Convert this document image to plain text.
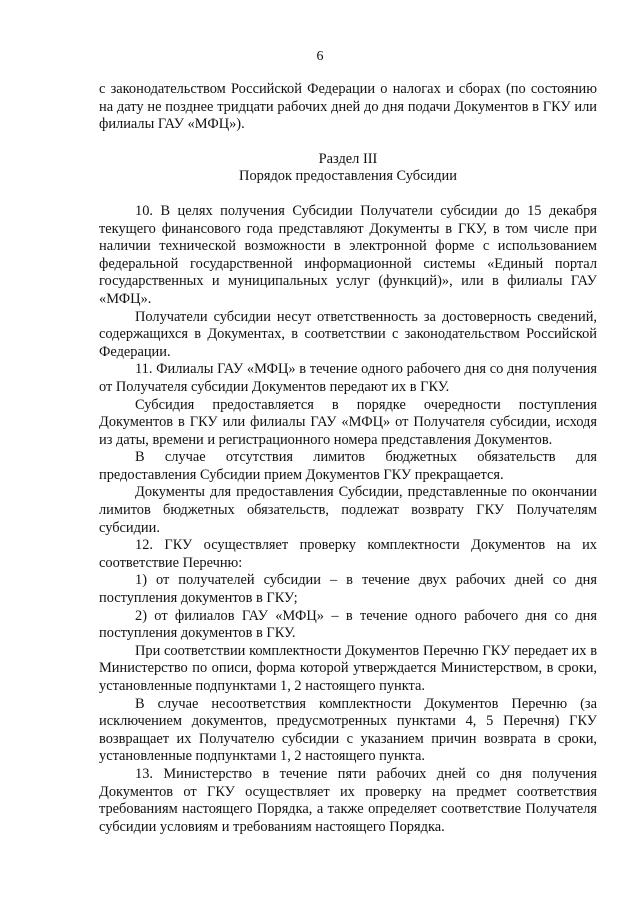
6

с законодательством Российской Федерации о налогах и сборах (по состоянию на дату не позднее тридцати рабочих дней до дня подачи Документов в ГКУ или филиалы ГАУ «МФЦ»).

Раздел III

Порядок предоставления Субсидии

10. В целях получения Субсидии Получатели субсидии до 15 декабря текущего финансового года представляют Документы в ГКУ, в том числе при наличии технической возможности в электронной форме с использованием федеральной государственной информационной системы «Единый портал государственных и муниципальных услуг (функций)», или в филиалы ГАУ «МФЦ».

Получатели субсидии несут ответственность за достоверность сведений, содержащихся в Документах, в соответствии с законодательством Российской Федерации.

11. Филиалы ГАУ «МФЦ» в течение одного рабочего дня со дня получения от Получателя субсидии Документов передают их в ГКУ.

Субсидия предоставляется в порядке очередности поступления Документов в ГКУ или филиалы ГАУ «МФЦ» от Получателя субсидии, исходя из даты, времени и регистрационного номера представления Документов.

В случае отсутствия лимитов бюджетных обязательств для предоставления Субсидии прием Документов ГКУ прекращается.

Документы для предоставления Субсидии, представленные по окончании лимитов бюджетных обязательств, подлежат возврату ГКУ Получателям субсидии.

12. ГКУ осуществляет проверку комплектности Документов на их соответствие Перечню:

1) от получателей субсидии – в течение двух рабочих дней со дня поступления документов в ГКУ;

2) от филиалов ГАУ «МФЦ» – в течение одного рабочего дня со дня поступления документов в ГКУ.

При соответствии комплектности Документов Перечню ГКУ передает их в Министерство по описи, форма которой утверждается Министерством, в сроки, установленные подпунктами 1, 2 настоящего пункта.

В случае несоответствия комплектности Документов Перечню (за исключением документов, предусмотренных пунктами 4, 5 Перечня) ГКУ возвращает их Получателю субсидии с указанием причин возврата в сроки, установленные подпунктами 1, 2 настоящего пункта.

13. Министерство в течение пяти рабочих дней со дня получения Документов от ГКУ осуществляет их проверку на предмет соответствия требованиям настоящего Порядка, а также определяет соответствие Получателя субсидии условиям и требованиям настоящего Порядка.
